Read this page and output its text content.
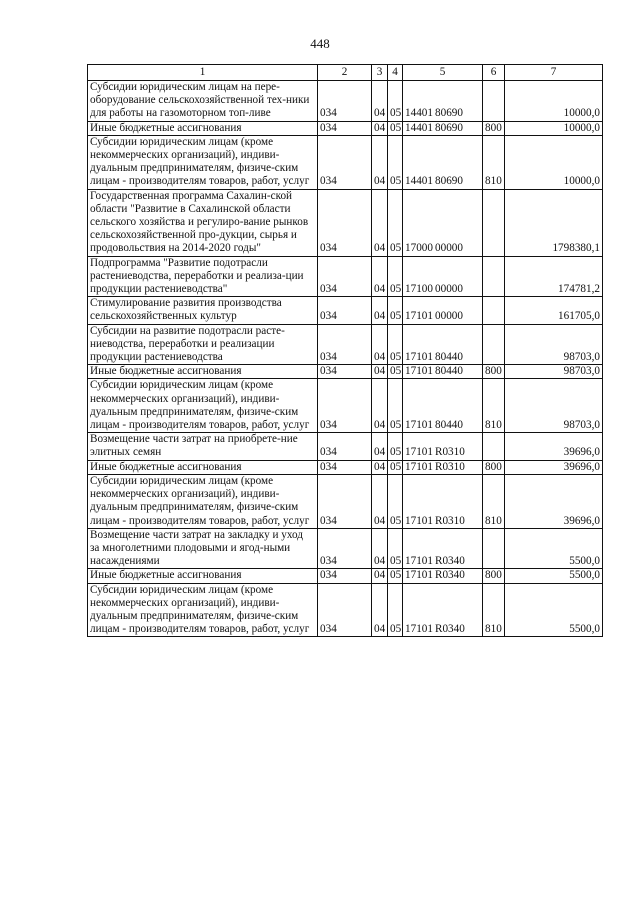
448
1	2	3	4	5	6	7
Субсидии юридическим лицам на пере-оборудование сельскохозяйственной тех-ники для работы на газомоторном топ-ливе	034	04	05	14401 80690		10000,0
Иные бюджетные ассигнования	034	04	05	14401 80690	800	10000,0
Субсидии юридическим лицам (кроме некоммерческих организаций), индиви-дуальным предпринимателям, физиче-ским лицам - производителям товаров, работ, услуг	034	04	05	14401 80690	810	10000,0
Государственная программа Сахалин-ской области "Развитие в Сахалинской области сельского хозяйства и регулиро-вание рынков сельскохозяйственной про-дукции, сырья и продовольствия на 2014-2020 годы"	034	04	05	17000 00000		1798380,1
Подпрограмма "Развитие подотрасли растениеводства, переработки и реализа-ции продукции растениеводства"	034	04	05	17100 00000		174781,2
Стимулирование развития производства сельскохозяйственных культур	034	04	05	17101 00000		161705,0
Субсидии на развитие подотрасли расте-ниеводства, переработки и реализации продукции растениеводства	034	04	05	17101 80440		98703,0
Иные бюджетные ассигнования	034	04	05	17101 80440	800	98703,0
Субсидии юридическим лицам (кроме некоммерческих организаций), индиви-дуальным предпринимателям, физиче-ским лицам - производителям товаров, работ, услуг	034	04	05	17101 80440	810	98703,0
Возмещение части затрат на приобрете-ние элитных семян	034	04	05	17101 R0310		39696,0
Иные бюджетные ассигнования	034	04	05	17101 R0310	800	39696,0
Субсидии юридическим лицам (кроме некоммерческих организаций), индиви-дуальным предпринимателям, физиче-ским лицам - производителям товаров, работ, услуг	034	04	05	17101 R0310	810	39696,0
Возмещение части затрат на закладку и уход за многолетними плодовыми и ягод-ными насаждениями	034	04	05	17101 R0340		5500,0
Иные бюджетные ассигнования	034	04	05	17101 R0340	800	5500,0
Субсидии юридическим лицам (кроме некоммерческих организаций), индиви-дуальным предпринимателям, физиче-ским лицам - производителям товаров, работ, услуг	034	04	05	17101 R0340	810	5500,0
